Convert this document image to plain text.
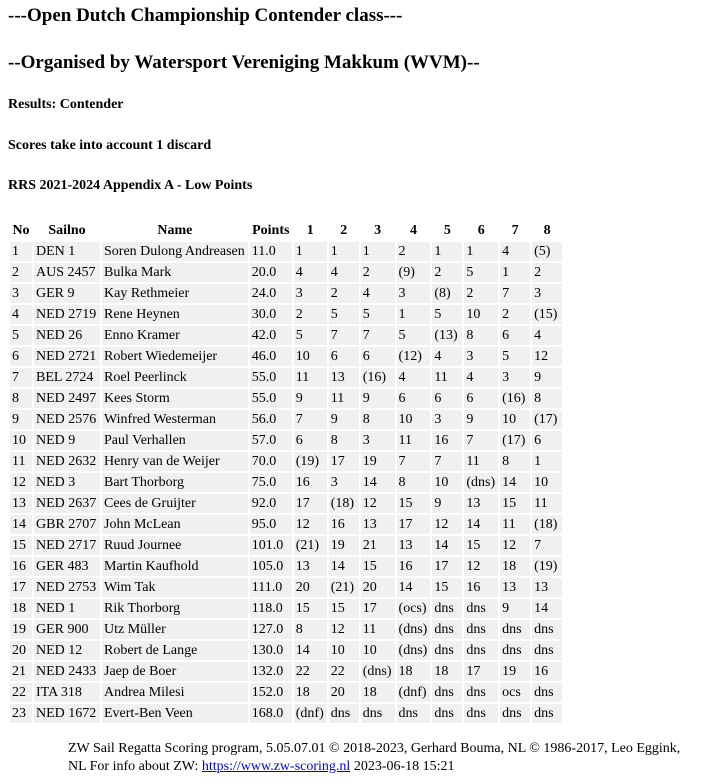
---Open Dutch Championship Contender class---
--Organised by Watersport Vereniging Makkum (WVM)--
Results: Contender
Scores take into account 1 discard
RRS 2021-2024 Appendix A - Low Points
No	Sailno	Name	Points	1	2	3	4	5	6	7	8
1	DEN 1	Soren Dulong Andreasen	11.0	1	1	1	2	1	1	4	(5)
2	AUS 2457	Bulka Mark	20.0	4	4	2	(9)	2	5	1	2
3	GER 9	Kay Rethmeier	24.0	3	2	4	3	(8)	2	7	3
4	NED 2719	Rene Heynen	30.0	2	5	5	1	5	10	2	(15)
5	NED 26	Enno Kramer	42.0	5	7	7	5	(13)	8	6	4
6	NED 2721	Robert Wiedemeijer	46.0	10	6	6	(12)	4	3	5	12
7	BEL 2724	Roel Peerlinck	55.0	11	13	(16)	4	11	4	3	9
8	NED 2497	Kees Storm	55.0	9	11	9	6	6	6	(16)	8
9	NED 2576	Winfred Westerman	56.0	7	9	8	10	3	9	10	(17)
10	NED 9	Paul Verhallen	57.0	6	8	3	11	16	7	(17)	6
11	NED 2632	Henry van de Weijer	70.0	(19)	17	19	7	7	11	8	1
12	NED 3	Bart Thorborg	75.0	16	3	14	8	10	(dns)	14	10
13	NED 2637	Cees de Gruijter	92.0	17	(18)	12	15	9	13	15	11
14	GBR 2707	John McLean	95.0	12	16	13	17	12	14	11	(18)
15	NED 2717	Ruud Journee	101.0	(21)	19	21	13	14	15	12	7
16	GER 483	Martin Kaufhold	105.0	13	14	15	16	17	12	18	(19)
17	NED 2753	Wim Tak	111.0	20	(21)	20	14	15	16	13	13
18	NED 1	Rik Thorborg	118.0	15	15	17	(ocs)	dns	dns	9	14
19	GER 900	Utz Müller	127.0	8	12	11	(dns)	dns	dns	dns	dns
20	NED 12	Robert de Lange	130.0	14	10	10	(dns)	dns	dns	dns	dns
21	NED 2433	Jaep de Boer	132.0	22	22	(dns)	18	18	17	19	16
22	ITA 318	Andrea Milesi	152.0	18	20	18	(dnf)	dns	dns	ocs	dns
23	NED 1672	Evert-Ben Veen	168.0	(dnf)	dns	dns	dns	dns	dns	dns	dns
ZW Sail Regatta Scoring program, 5.05.07.01 © 2018-2023, Gerhard Bouma, NL © 1986-2017, Leo Eggink, NL For info about ZW: https://www.zw-scoring.nl 2023-06-18 15:21
